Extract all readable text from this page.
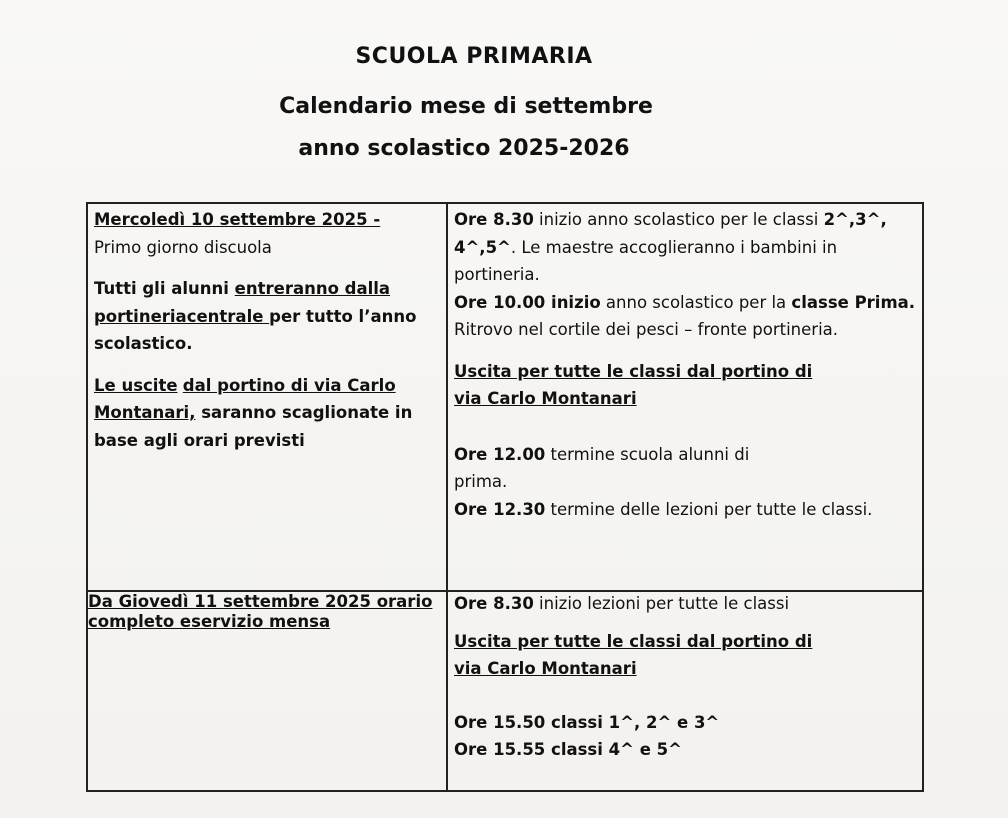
SCUOLA PRIMARIA
Calendario mese di settembre
anno scolastico 2025-2026

Mercoledì 10 settembre 2025 -

Primo giorno discuola

Tutti gli alunni entreranno dalla portineriacentrale per tutto l’anno scolastico.

Le uscite dal portino di via Carlo Montanari, saranno scaglionate in base agli orari previsti

Ore 8.30 inizio anno scolastico per le classi 2^,3^, 4^,5^. Le maestre accoglieranno i bambini in portineria.

Ore 10.00 inizio anno scolastico per la classe Prima. Ritrovo nel cortile dei pesci – fronte portineria.

Uscita per tutte le classi dal portino di via Carlo Montanari

Ore 12.00 termine scuola alunni di prima.

Ore 12.30 termine delle lezioni per tutte le classi.

Da Giovedì 11 settembre 2025 orario completo eservizio mensa

Ore 8.30 inizio lezioni per tutte le classi

Uscita per tutte le classi dal portino di via Carlo Montanari

Ore 15.50 classi 1^, 2^ e 3^

Ore 15.55 classi 4^ e 5^
